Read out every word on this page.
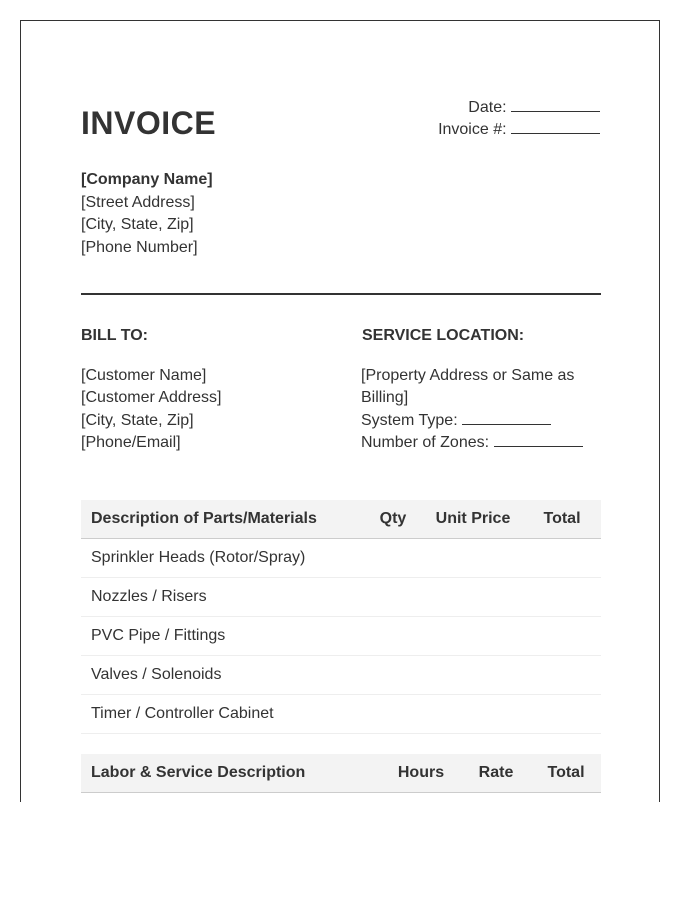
INVOICE	Date:
Invoice #:
[Company Name]
[Street Address]
[City, State, Zip]
[Phone Number]
BILL TO:	SERVICE LOCATION:
[Customer Name]
[Customer Address]
[City, State, Zip]
[Phone/Email]
[Property Address or Same as
Billing]
System Type:
Number of Zones:
Description of Parts/Materials	Qty	Unit Price	Total
Sprinkler Heads (Rotor/Spray)			
Nozzles / Risers			
PVC Pipe / Fittings			
Valves / Solenoids			
Timer / Controller Cabinet			
Labor & Service Description	Hours	Rate	Total
